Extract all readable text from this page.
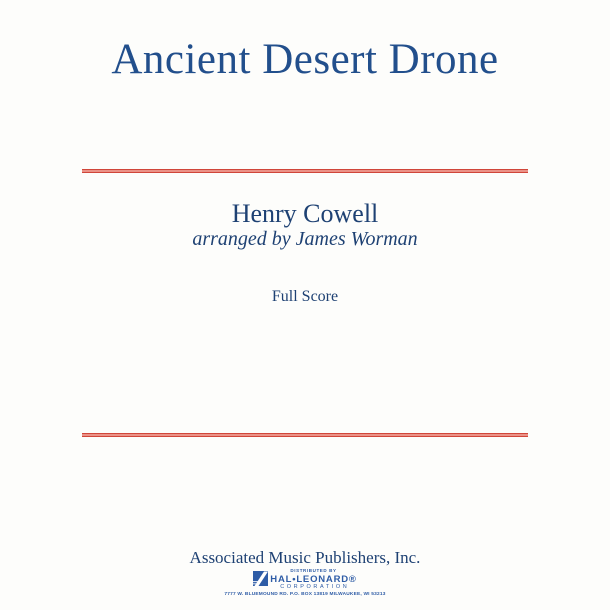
Ancient Desert Drone
Henry Cowell
arranged by James Worman
Full Score
Associated Music Publishers, Inc.
DISTRIBUTED BY
HAL•LEONARD®
CORPORATION
7777 W. BLUEMOUND RD. P.O. BOX 13819 MILWAUKEE, WI 53213
